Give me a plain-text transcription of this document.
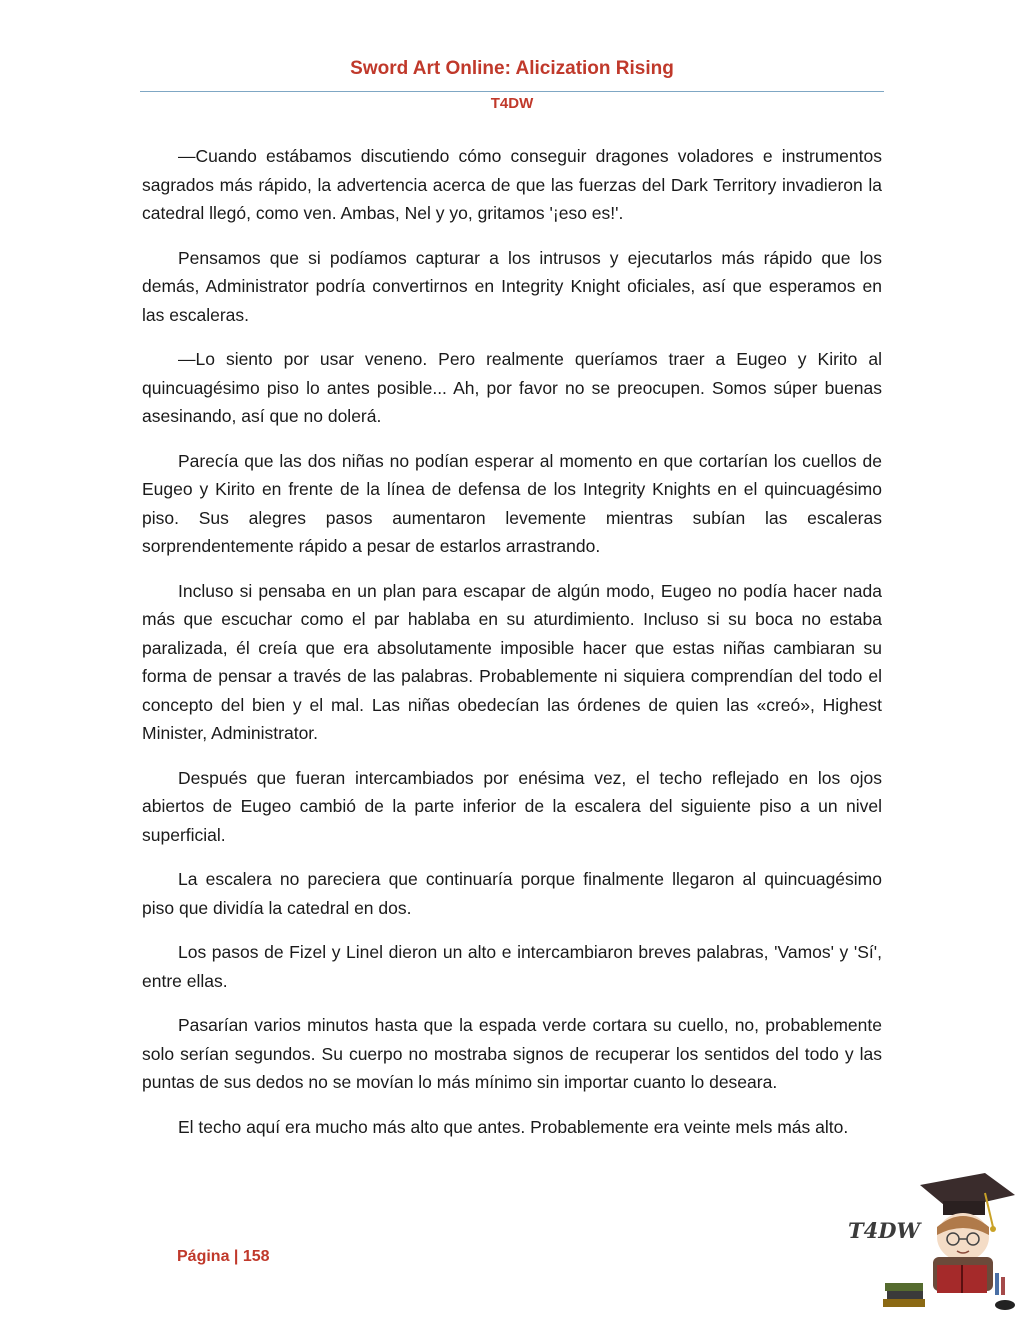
Sword Art Online: Alicization Rising
T4DW

—Cuando estábamos discutiendo cómo conseguir dragones voladores e instrumentos sagrados más rápido, la advertencia acerca de que las fuerzas del Dark Territory invadieron la catedral llegó, como ven. Ambas, Nel y yo, gritamos '¡eso es!'.

Pensamos que si podíamos capturar a los intrusos y ejecutarlos más rápido que los demás, Administrator podría convertirnos en Integrity Knight oficiales, así que esperamos en las escaleras.

—Lo siento por usar veneno. Pero realmente queríamos traer a Eugeo y Kirito al quincuagésimo piso lo antes posible... Ah, por favor no se preocupen. Somos súper buenas asesinando, así que no dolerá.

Parecía que las dos niñas no podían esperar al momento en que cortarían los cuellos de Eugeo y Kirito en frente de la línea de defensa de los Integrity Knights en el quincuagésimo piso. Sus alegres pasos aumentaron levemente mientras subían las escaleras sorprendentemente rápido a pesar de estarlos arrastrando.

Incluso si pensaba en un plan para escapar de algún modo, Eugeo no podía hacer nada más que escuchar como el par hablaba en su aturdimiento. Incluso si su boca no estaba paralizada, él creía que era absolutamente imposible hacer que estas niñas cambiaran su forma de pensar a través de las palabras. Probablemente ni siquiera comprendían del todo el concepto del bien y el mal. Las niñas obedecían las órdenes de quien las «creó», Highest Minister, Administrator.

Después que fueran intercambiados por enésima vez, el techo reflejado en los ojos abiertos de Eugeo cambió de la parte inferior de la escalera del siguiente piso a un nivel superficial.

La escalera no pareciera que continuaría porque finalmente llegaron al quincuagésimo piso que dividía la catedral en dos.

Los pasos de Fizel y Linel dieron un alto e intercambiaron breves palabras, 'Vamos' y 'Sí', entre ellas.

Pasarían varios minutos hasta que la espada verde cortara su cuello, no, probablemente solo serían segundos. Su cuerpo no mostraba signos de recuperar los sentidos del todo y las puntas de sus dedos no se movían lo más mínimo sin importar cuanto lo deseara.

El techo aquí era mucho más alto que antes. Probablemente era veinte mels más alto.

Página | 158
T4DW
